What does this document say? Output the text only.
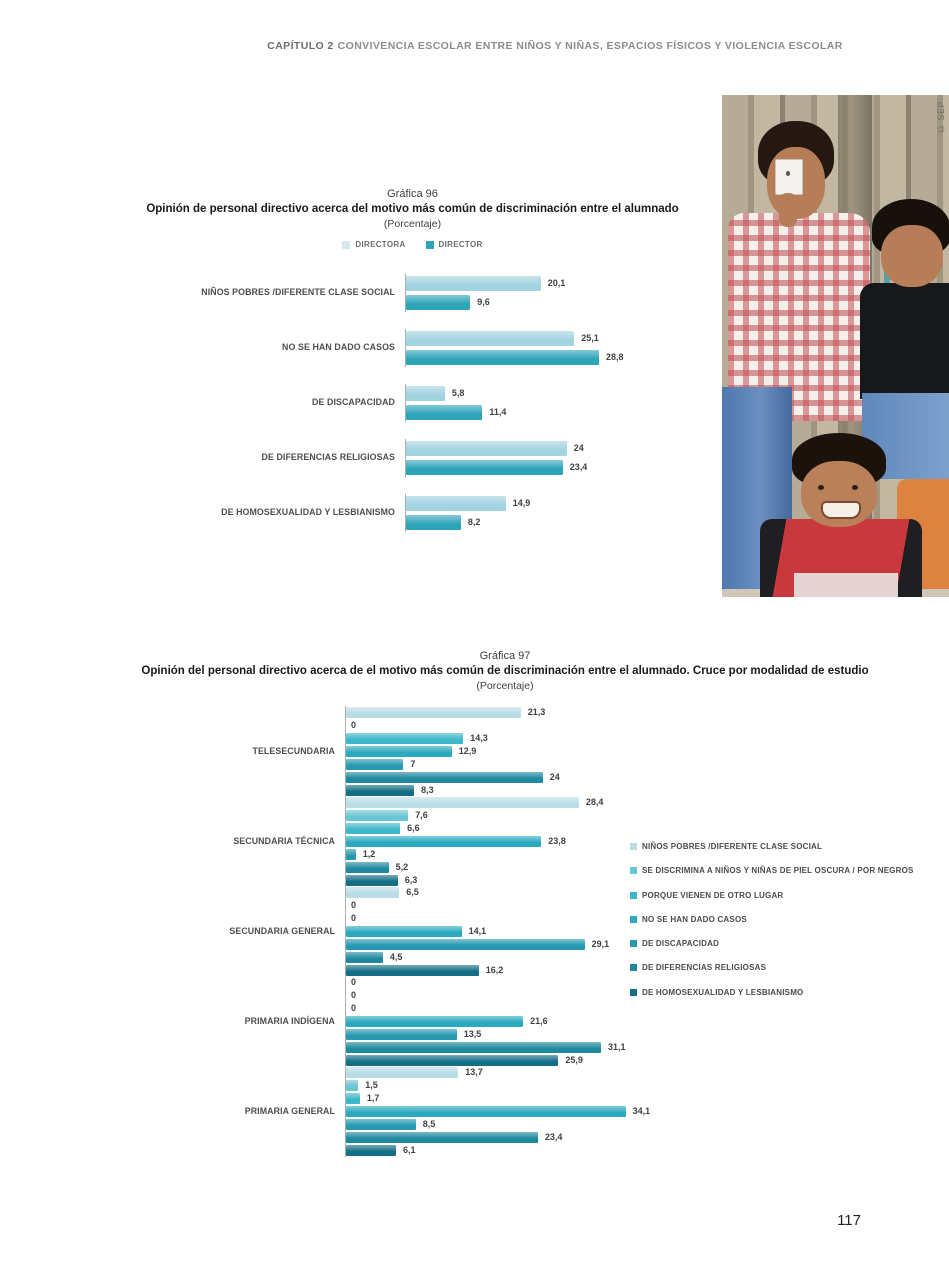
CAPÍTULO 2 CONVIVENCIA ESCOLAR ENTRE NIÑOS Y NIÑAS, ESPACIOS FÍSICOS Y VIOLENCIA ESCOLAR
© SEP
Gráfica 96
Opinión de personal directivo acerca del motivo más común de discriminación entre el alumnado
(Porcentaje)
DIRECTORA	DIRECTOR
NIÑOS POBRES /DIFERENTE CLASE SOCIAL
20,1
9,6
NO SE HAN DADO CASOS
25,1
28,8
DE DISCAPACIDAD
5,8
11,4
DE DIFERENCIAS RELIGIOSAS
24
23,4
DE HOMOSEXUALIDAD Y LESBIANISMO
14,9
8,2
Gráfica 97
Opinión del personal directivo acerca de el motivo más común de discriminación entre el alumnado. Cruce por modalidad de estudio
(Porcentaje)
TELESECUNDARIA
21,3
0
14,3
12,9
7
24
8,3
SECUNDARIA TÉCNICA
28,4
7,6
6,6
23,8
1,2
5,2
6,3
SECUNDARIA GENERAL
6,5
0
0
14,1
29,1
4,5
16,2
PRIMARIA INDÍGENA
0
0
0
21,6
13,5
31,1
25,9
PRIMARIA GENERAL
13,7
1,5
1,7
34,1
8,5
23,4
6,1
NIÑOS POBRES /DIFERENTE CLASE SOCIAL
SE DISCRIMINA A NIÑOS Y NIÑAS DE PIEL OSCURA / POR NEGROS
PORQUE VIENEN DE OTRO LUGAR
NO SE HAN DADO CASOS
DE DISCAPACIDAD
DE DIFERENCIAS RELIGIOSAS
DE HOMOSEXUALIDAD Y LESBIANISMO
117
